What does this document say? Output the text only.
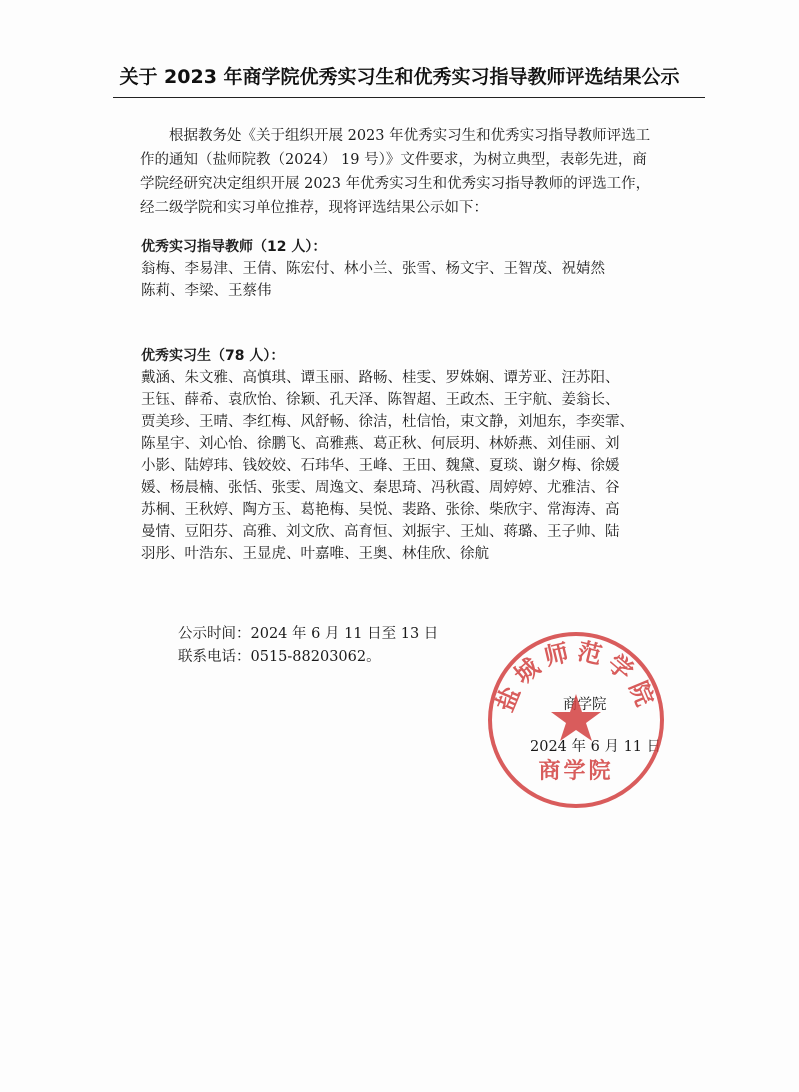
关于 2023 年商学院优秀实习生和优秀实习指导教师评选结果公示
根据教务处《关于组织开展 2023 年优秀实习生和优秀实习指导教师评选工
作的通知（盐师院教（2024） 19 号）》文件要求，为树立典型，表彰先进，商
学院经研究决定组织开展 2023 年优秀实习生和优秀实习指导教师的评选工作，
经二级学院和实习单位推荐，现将评选结果公示如下：
优秀实习指导教师（12 人）：
翁梅、李易津、王倩、陈宏付、林小兰、张雪、杨文宇、王智茂、祝婧然
陈莉、李梁、王蔡伟
优秀实习生（78 人）：
戴涵、朱文雅、高慎琪、谭玉丽、路畅、桂雯、罗姝娴、谭芳亚、汪苏阳、
王钰、薛希、袁欣怡、徐颖、孔天泽、陈智超、王政杰、王宇航、姜翁长、
贾美珍、王晴、李红梅、风舒畅、徐洁，杜信怡，束文静，刘旭东，李奕霏、
陈星宇、刘心怡、徐鹏飞、高雅燕、葛正秋、何辰玥、林娇燕、刘佳丽、刘
小影、陆婷玮、钱姣姣、石玮华、王峰、王田、魏黛、夏琰、谢夕梅、徐媛
媛、杨晨楠、张恬、张雯、周逸文、秦思琦、冯秋霞、周婷婷、尤雅洁、谷
苏桐、王秋婷、陶方玉、葛艳梅、吴悦、裴路、张徐、柴欣宇、常海涛、高
曼情、豆阳芬、高雅、刘文欣、高育恒、刘振宇、王灿、蒋璐、王子帅、陆
羽彤、叶浩东、王显虎、叶嘉唯、王奥、林佳欣、徐航
公示时间：2024 年 6 月 11 日至 13 日
联系电话：0515-88203062。
商学院
2024 年 6 月 11 日
盐城师范学院
商学院
